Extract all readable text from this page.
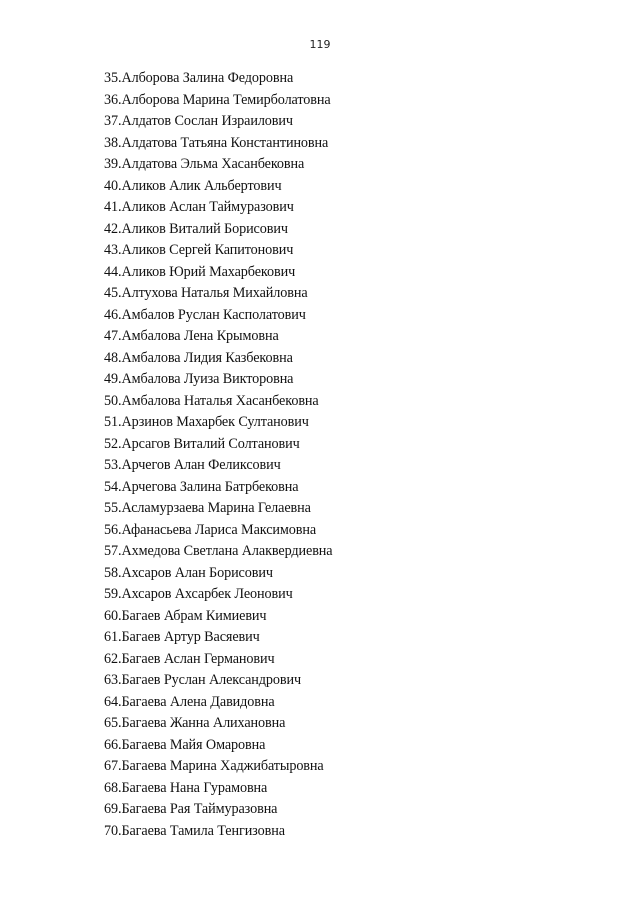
119
35.Алборова Залина Федоровна
36.Алборова Марина Темирболатовна
37.Алдатов Сослан Израилович
38.Алдатова Татьяна Константиновна
39.Алдатова Эльма Хасанбековна
40.Аликов Алик Альбертович
41.Аликов Аслан Таймуразович
42.Аликов Виталий Борисович
43.Аликов Сергей Капитонович
44.Аликов Юрий Махарбекович
45.Алтухова Наталья Михайловна
46.Амбалов Руслан Касполатович
47.Амбалова Лена Крымовна
48.Амбалова Лидия Казбековна
49.Амбалова Луиза Викторовна
50.Амбалова Наталья Хасанбековна
51.Арзинов Махарбек Султанович
52.Арсагов Виталий Солтанович
53.Арчегов Алан Феликсович
54.Арчегова Залина Батрбековна
55.Асламурзаева Марина Гелаевна
56.Афанасьева Лариса Максимовна
57.Ахмедова Светлана Алаквердиевна
58.Ахсаров Алан Борисович
59.Ахсаров Ахсарбек Леонович
60.Багаев Абрам Кимиевич
61.Багаев Артур Васяевич
62.Багаев Аслан Германович
63.Багаев Руслан Александрович
64.Багаева Алена Давидовна
65.Багаева Жанна Алихановна
66.Багаева Майя Омаровна
67.Багаева Марина Хаджибатыровна
68.Багаева Нана Гурамовна
69.Багаева Рая Таймуразовна
70.Багаева Тамила Тенгизовна
